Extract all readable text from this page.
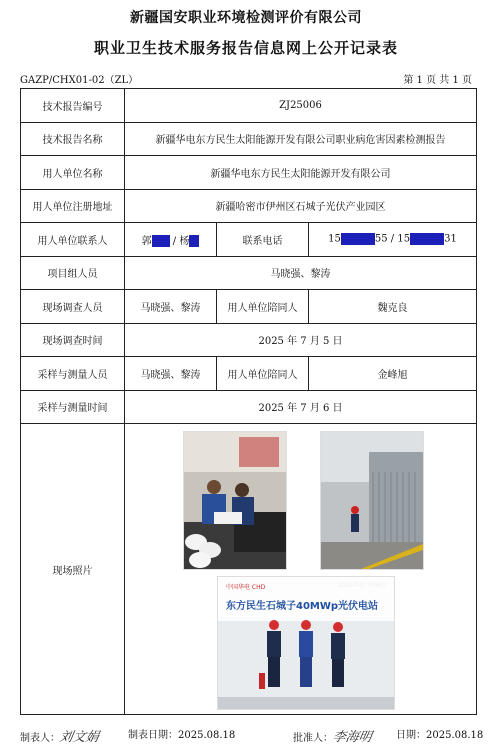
新疆国安职业环境检测评价有限公司
职业卫生技术服务报告信息网上公开记录表
GAZP/CHX01-02（ZL）	第 1 页 共 1 页
技术报告编号	ZJ25006		
技术报告名称	新疆华电东方民生太阳能源开发有限公司职业病危害因素检测报告		
用人单位名称	新疆华电东方民生太阳能源开发有限公司		
用人单位注册地址	新疆哈密市伊州区石城子光伏产业园区		
用人单位联系人	郭 / 杨	联系电话	15 55 / 15 31
项目组人员	马晓强、黎涛		
现场调查人员	马晓强、黎涛	用人单位陪同人	魏克良
现场调查时间	2025 年 7 月 5 日		
采样与测量人员	马晓强、黎涛	用人单位陪同人	金峰旭
采样与测量时间	2025 年 7 月 6 日		
现场照片	中国华电 CHD
东方民生石城子40MWp光伏电站
2025年07月06日		
制表人：刘文娟	制表日期：2025.08.18	批准人：李海明 日期：2025.08.18
